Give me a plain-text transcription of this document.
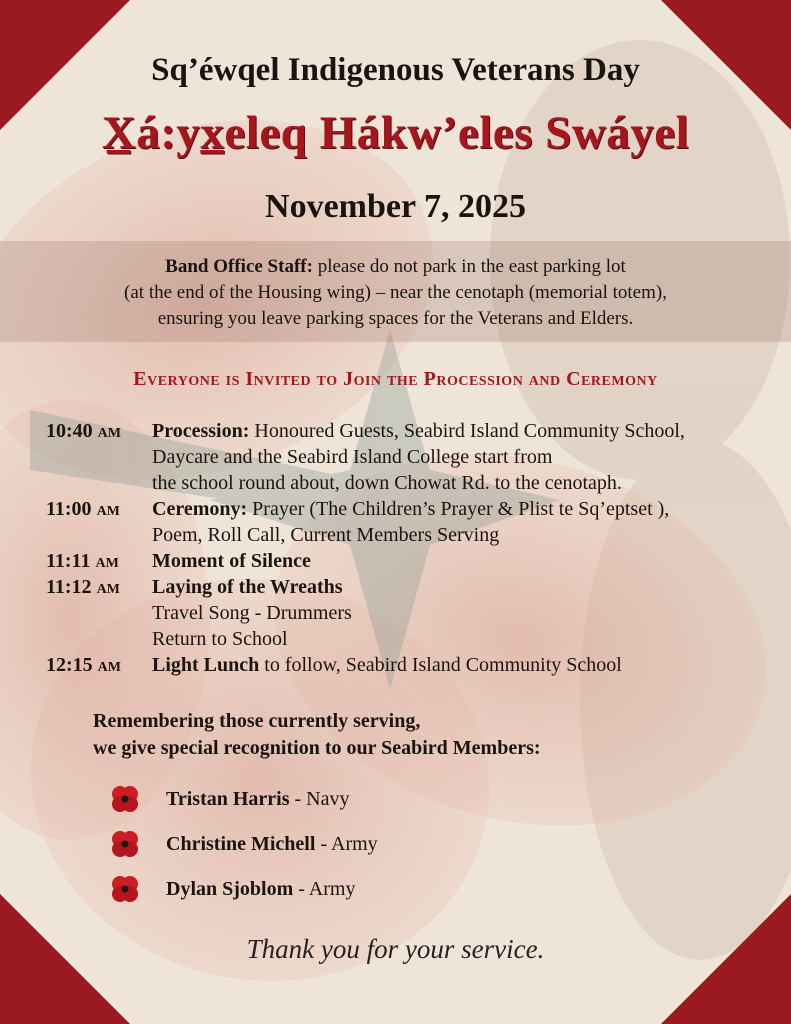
Sq’éwqel Indigenous Veterans Day
X̲á:yx̲eleq Hákw’eles Swáyel
November 7, 2025
Band Office Staff: please do not park in the east parking lot
(at the end of the Housing wing) – near the cenotaph (memorial totem),
ensuring you leave parking spaces for the Veterans and Elders.
Everyone is Invited to Join the Procession and Ceremony
10:40 AM	Procession: Honoured Guests, Seabird Island Community School,
Daycare and the Seabird Island College start from
the school round about, down Chowat Rd. to the cenotaph.
11:00 AM	Ceremony: Prayer (The Children’s Prayer & Plist te Sq’eptset ),
Poem, Roll Call, Current Members Serving
11:11 AM	Moment of Silence
11:12 AM	Laying of the Wreaths
Travel Song - Drummers
Return to School
12:15 AM	Light Lunch to follow, Seabird Island Community School
Remembering those currently serving,
we give special recognition to our Seabird Members:
Tristan Harris - Navy
Christine Michell - Army
Dylan Sjoblom - Army
Thank you for your service.
